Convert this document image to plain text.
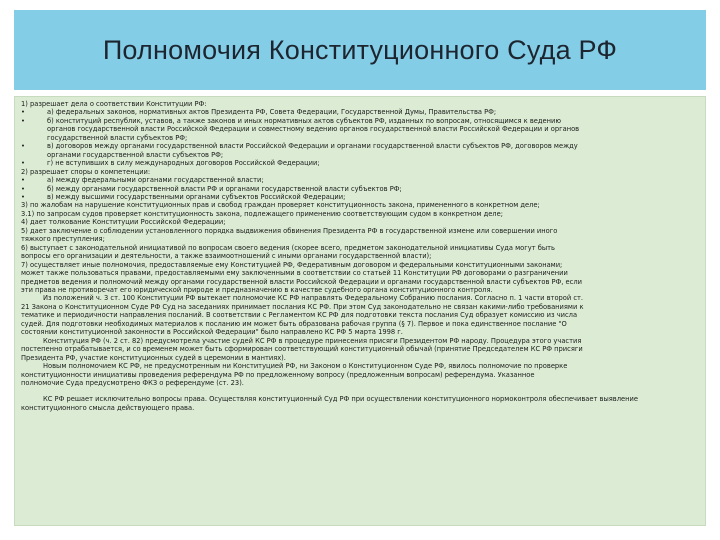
Полномочия Конституционного Суда РФ

1) разрешает дела о соответствии Конституции РФ:

•	а) федеральных законов, нормативных актов Президента РФ, Совета Федерации, Государственной Думы, Правительства РФ;
•	б) конституций республик, уставов, а также законов и иных нормативных актов субъектов РФ, изданных по вопросам, относящимся к ведению

органов государственной власти Российской Федерации и совместному ведению органов государственной власти Российской Федерации и органов

государственной власти субъектов РФ;

•	в) договоров между органами государственной власти Российской Федерации и органами государственной власти субъектов РФ, договоров между

органами государственной власти субъектов РФ;

•	г) не вступивших в силу международных договоров Российской Федерации;

2) разрешает споры о компетенции:

•	а) между федеральными органами государственной власти;
•	б) между органами государственной власти РФ и органами государственной власти субъектов РФ;
•	в) между высшими государственными органами субъектов Российской Федерации;

3) по жалобам на нарушение конституционных прав и свобод граждан проверяет конституционность закона, примененного в конкретном деле;

3.1) по запросам судов проверяет конституционность закона, подлежащего применению соответствующим судом в конкретном деле;

4) дает толкование Конституции Российской Федерации;

5) дает заключение о соблюдении установленного порядка выдвижения обвинения Президента РФ в государственной измене или совершении иного

тяжкого преступления;

6) выступает с законодательной инициативой по вопросам своего ведения (скорее всего, предметом законодательной инициативы Суда могут быть

вопросы его организации и деятельности, а также взаимоотношений с иными органами государственной власти);

7) осуществляет иные полномочия, предоставляемые ему Конституцией РФ, Федеративным договором и федеральными конституционными законами;

может также пользоваться правами, предоставляемыми ему заключенными в соответствии со статьей 11 Конституции РФ договорами о разграничении

предметов ведения и полномочий между органами государственной власти Российской Федерации и органами государственной власти субъектов РФ, если

эти права не противоречат его юридической природе и предназначению в качестве судебного органа конституционного контроля.

Из положений ч. 3 ст. 100 Конституции РФ вытекает полномочие КС РФ направлять Федеральному Собранию послания. Согласно п. 1 части второй ст.

21 Закона о Конституционном Суде РФ Суд на заседаниях принимает послания КС РФ. При этом Суд законодательно не связан какими-либо требованиями к

тематике и периодичности направления посланий. В соответствии с Регламентом КС РФ для подготовки текста послания Суд образует комиссию из числа

судей. Для подготовки необходимых материалов к посланию им может быть образована рабочая группа (§ 7). Первое и пока единственное послание "О

состоянии конституционной законности в Российской Федерации" было направлено КС РФ 5 марта 1998 г.

Конституция РФ (ч. 2 ст. 82) предусмотрела участие судей КС РФ в процедуре принесения присяги Президентом РФ народу. Процедура этого участия

постепенно отрабатывается, и со временем может быть сформирован соответствующий конституционный обычай (принятие Председателем КС РФ присяги

Президента РФ, участие конституционных судей в церемонии в мантиях).

Новым полномочием КС РФ, не предусмотренным ни Конституцией РФ, ни Законом о Конституционном Суде РФ, явилось полномочие по проверке

конституционности инициативы проведения референдума РФ по предложенному вопросу (предложенным вопросам) референдума. Указанное

полномочие Суда предусмотрено ФКЗ о референдуме (ст. 23).

КС РФ решает исключительно вопросы права. Осуществляя конституционный Суд РФ при осуществлении конституционного нормоконтроля обеспечивает выявление

конституционного смысла действующего права.
